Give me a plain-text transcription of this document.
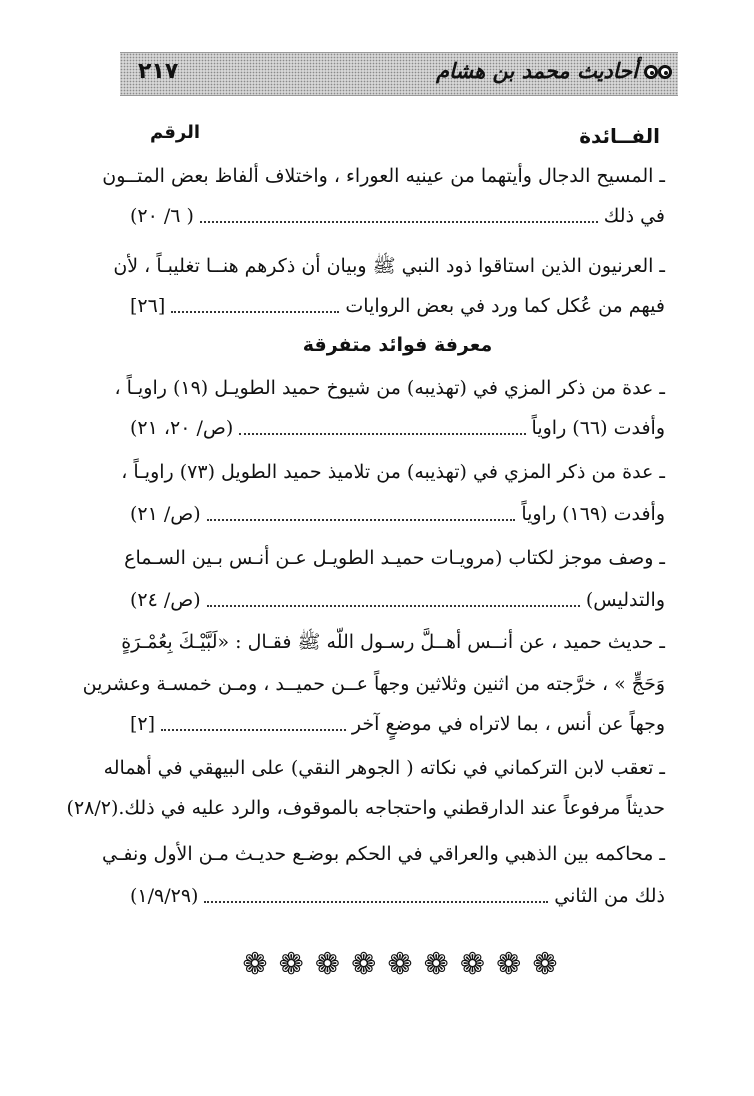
٢١٧	أحاديث محمد بن هشام
الفــائدة
الرقم
ـ المسيح الدجال وأيتهما من عينيه العوراء ، واختلاف ألفاظ بعض المتــون
في ذلك
( ٦/ ٢٠)
ـ العرنيون الذين استاقوا ذود النبي ﷺ وبيان أن ذكرهم هنــا تغليبـاً ، لأن
فيهم من عُكل كما ورد في بعض الروايات
[٢٦]
معرفة فوائد متفرقة
ـ عدة من ذكر المزي في (تهذيبه) من شيوخ حميد الطويـل (١٩) راويـاً ،
وأفدت (٦٦) راوياً
(ص/ ٢٠، ٢١)
ـ عدة من ذكر المزي في (تهذيبه) من تلاميذ حميد الطويل (٧٣) راويـاً ،
وأفدت (١٦٩) راوياً
(ص/ ٢١)
ـ وصف موجز لكتاب (مرويـات حميـد الطويـل عـن أنـس بـين السـماع
والتدليس)
(ص/ ٢٤)
ـ حديث حميد ، عن أنــس أهــلَّ رسـول اللّه ﷺ فقـال : «لَبَّيْـكَ بِعُمْـرَةٍ
وَحَجٍّ » ، خرَّجته من اثنين وثلاثين وجهاً عــن حميــد ، ومـن خمسـة وعشرين
وجهاً عن أنس ، بما لاتراه في موضعٍ آخر
[٢]
ـ تعقب لابن التركماني في نكاته ( الجوهر النقي) على البيهقي في أهماله
حديثاً مرفوعاً عند الدارقطني واحتجاجه بالموقوف، والرد عليه في ذلك.(٢٨/٢)
ـ محاكمه بين الذهبي والعراقي في الحكم بوضـع حديـث مـن الأول ونفـي
ذلك من الثاني
(١/٩/٢٩)
❁ ❁ ❁ ❁ ❁ ❁ ❁ ❁ ❁
